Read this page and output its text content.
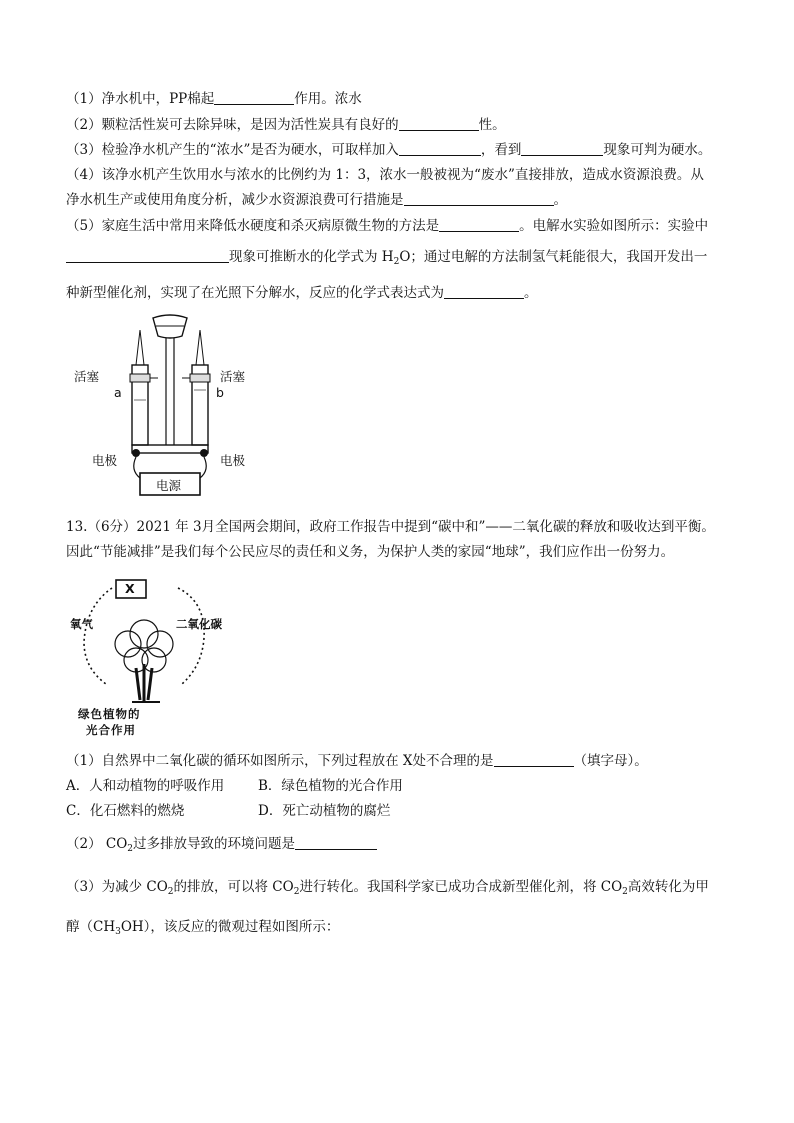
（1）净水机中，PP棉起	作用。浓水
（2）颗粒活性炭可去除异味，是因为活性炭具有良好的	性。
（3）检验净水机产生的“浓水”是否为硬水，可取样加入	，看到	现象可判为硬水。
（4）该净水机产生饮用水与浓水的比例约为 1：3，浓水一般被视为“废水”直接排放，造成水资源浪费。从
净水机生产或使用角度分析，减少水资源浪费可行措施是	。
（5）家庭生活中常用来降低水硬度和杀灭病原微生物的方法是	。电解水实验如图所示：实验中
现象可推断水的化学式为 $H_2O$；通过电解的方法制氢气耗能很大，我国开发出一
种新型催化剂，实现了在光照下分解水，反应的化学式表达式为	。
活塞	活塞
a	b
电极	电极
电源
13.（6分）2021 年 3月全国两会期间，政府工作报告中提到“碳中和”——二氧化碳的释放和吸收达到平衡。
因此“节能减排”是我们每个公民应尽的责任和义务，为保护人类的家园“地球”，我们应作出一份努力。
X
氧气	二氧化碳
绿色植物的
光合作用
（1）自然界中二氧化碳的循环如图所示，下列过程放在 X处不合理的是	（填字母）。
A．人和动植物的呼吸作用	B．绿色植物的光合作用
C．化石燃料的燃烧	D．死亡动植物的腐烂
（2） $CO_2$过多排放导致的环境问题是
（3）为减少 $CO_2$的排放，可以将 $CO_2$进行转化。我国科学家已成功合成新型催化剂，将 $CO_2$高效转化为甲
醇$(CH_3OH)$，该反应的微观过程如图所示：
